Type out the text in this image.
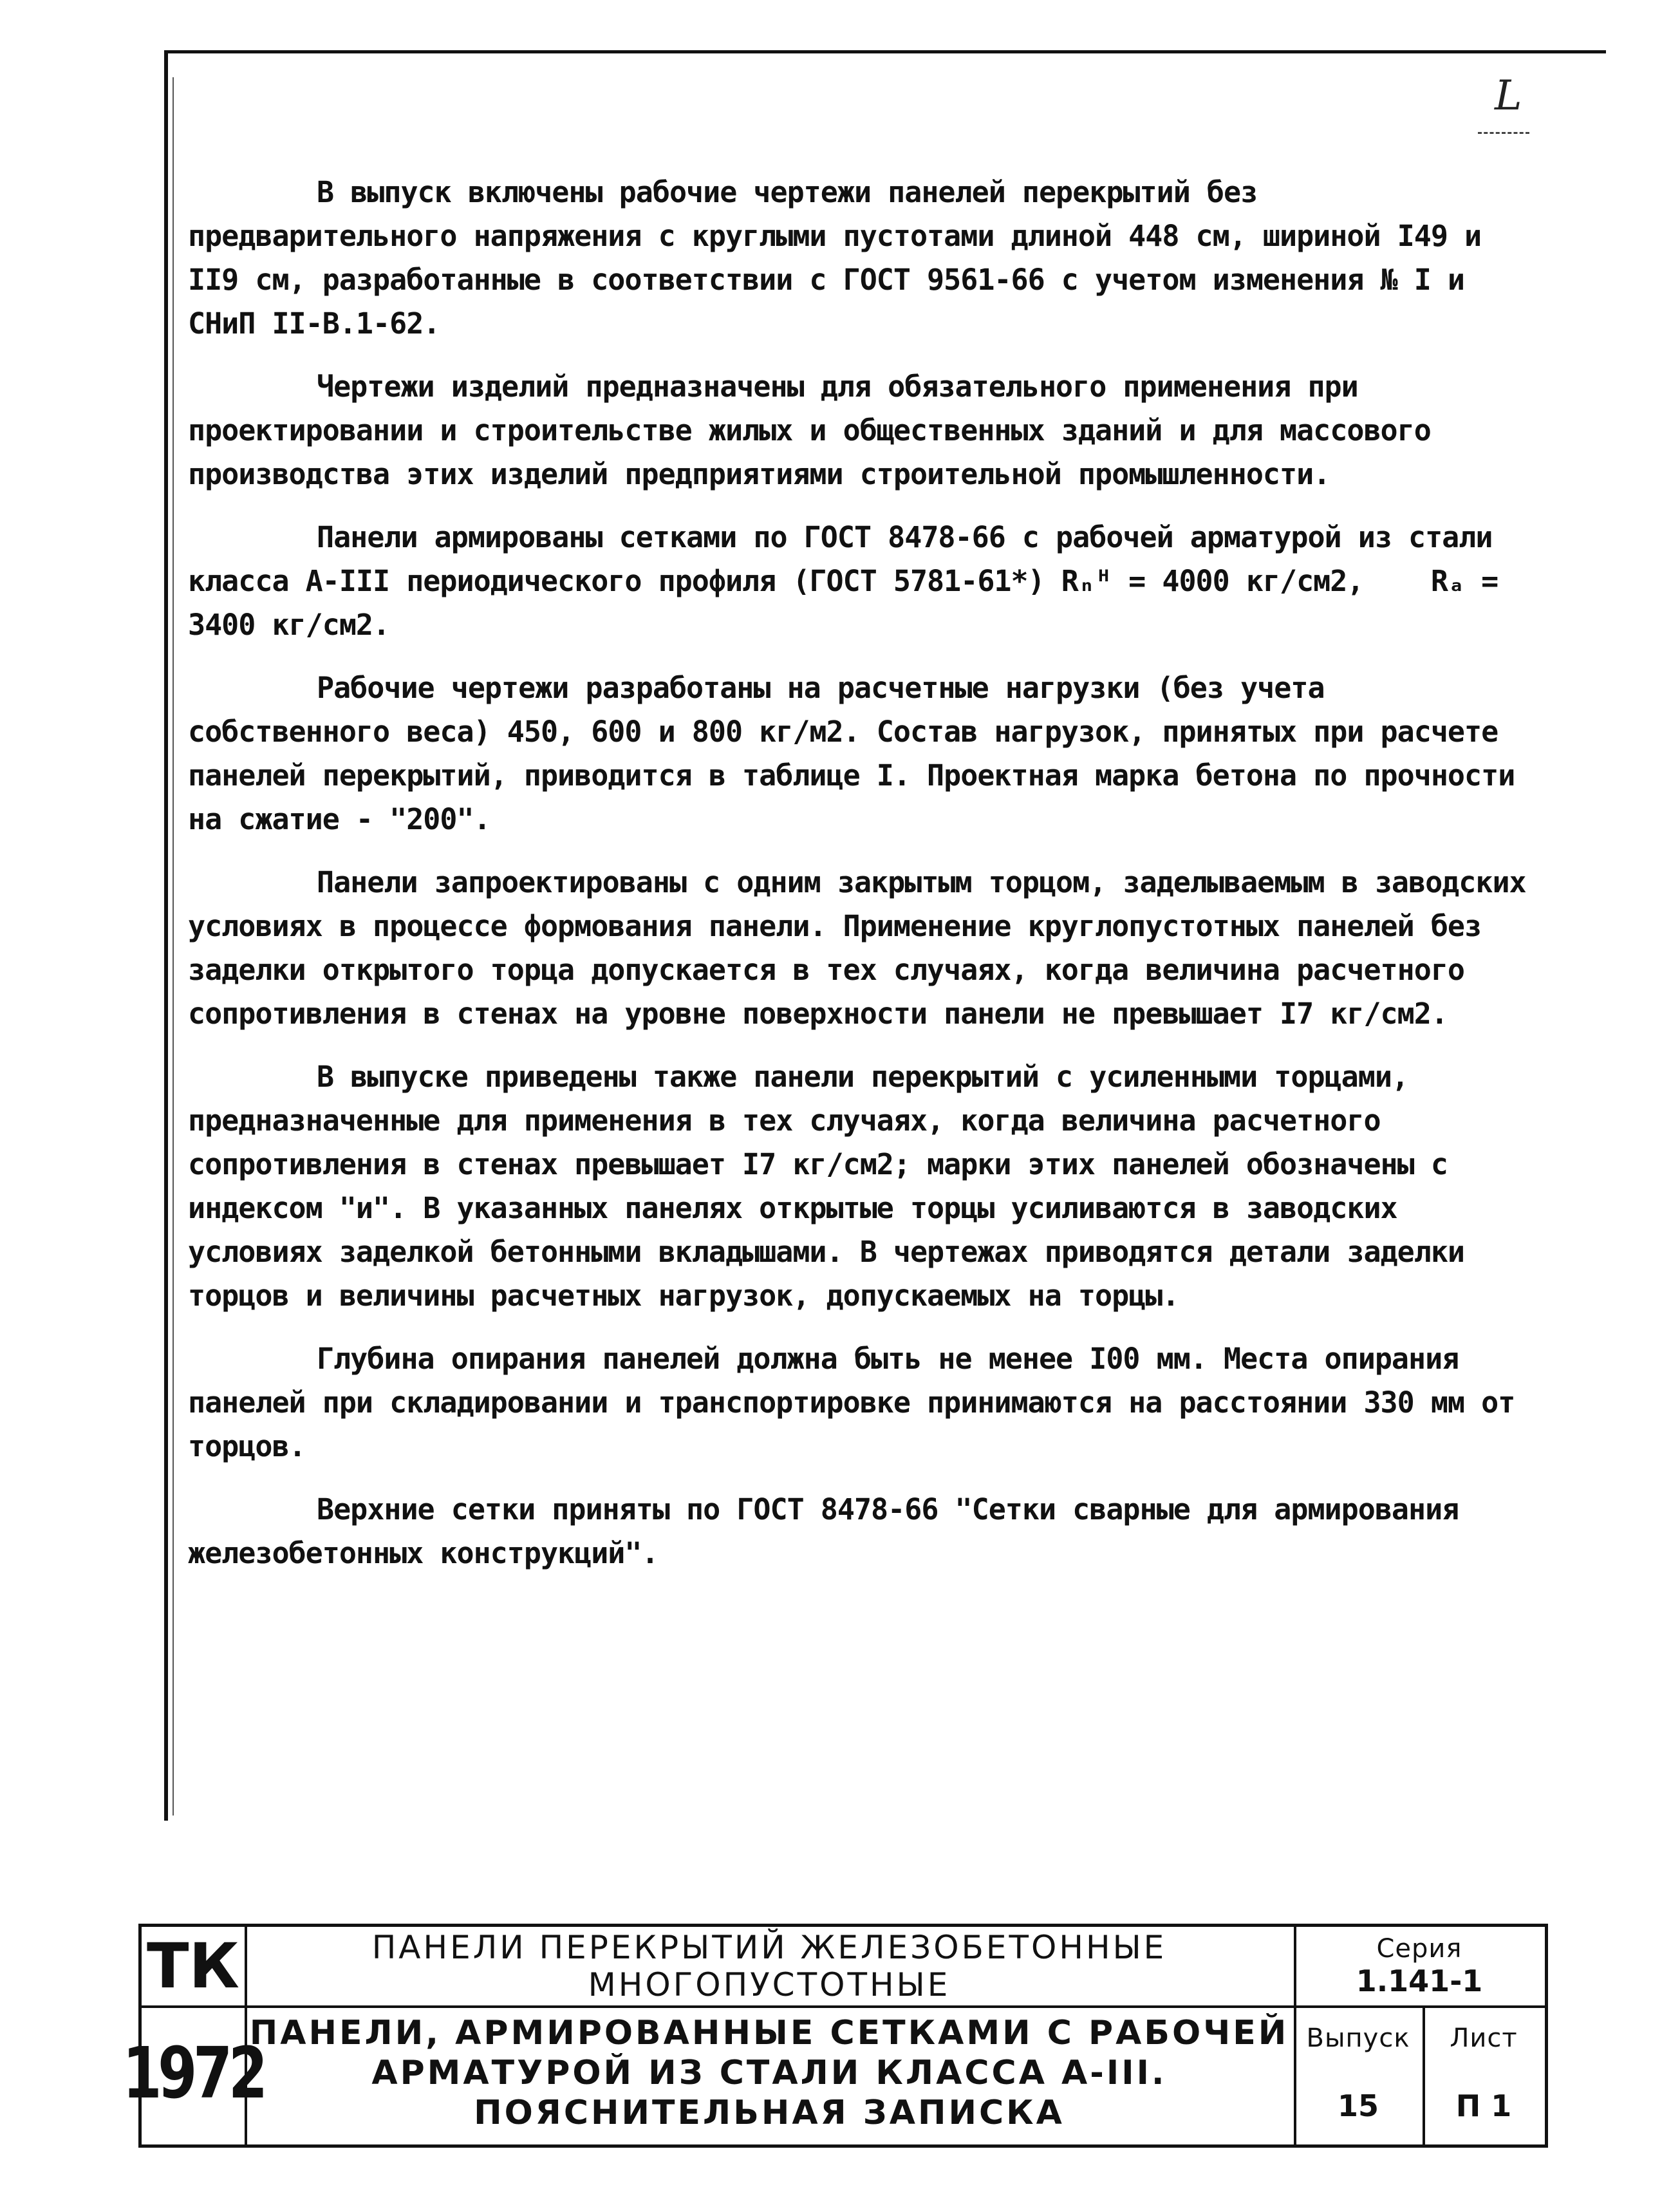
L

В выпуск включены рабочие чертежи панелей перекрытий без предварительного напряжения с круглыми пустотами длиной 448 см, шириной I49 и II9 см, разработанные в соответствии с ГОСТ 9561-66 с учетом изменения № I и СНиП II-В.1-62.

Чертежи изделий предназначены для обязательного применения при проектировании и строительстве жилых и общественных зданий и для массового производства этих изделий предприятиями строительной промышленности.

Панели армированы сетками по ГОСТ 8478-66 с рабочей арматурой из стали класса А-III периодического профиля (ГОСТ 5781-61*) Rₙᴴ = 4000 кг/см2,    Rₐ = 3400 кг/см2.

Рабочие чертежи разработаны на расчетные нагрузки (без учета собственного веса) 450, 600 и 800 кг/м2. Состав нагрузок, принятых при расчете панелей перекрытий, приводится в таблице I. Проектная марка бетона по прочности на сжатие - "200".

Панели запроектированы с одним закрытым торцом, заделываемым в заводских условиях в процессе формования панели. Применение круглопустотных панелей без заделки открытого торца допускается в тех случаях, когда величина расчетного сопротивления в стенах на уровне поверхности панели не превышает I7 кг/см2.

В выпуске приведены также панели перекрытий с усиленными торцами, предназначенные для применения в тех случаях, когда величина расчетного сопротивления в стенах превышает I7 кг/см2; марки этих панелей обозначены с индексом "и". В указанных панелях открытые торцы усиливаются в заводских условиях заделкой бетонными вкладышами. В чертежах приводятся детали заделки торцов и величины расчетных нагрузок, допускаемых на торцы.

Глубина опирания панелей должна быть не менее I00 мм. Места опирания панелей при складировании и транспортировке принимаются на расстоянии 330 мм от торцов.

Верхние сетки приняты по ГОСТ 8478-66 "Сетки сварные для армирования железобетонных конструкций".

ТК
1972
ПАНЕЛИ ПЕРЕКРЫТИЙ ЖЕЛЕЗОБЕТОННЫЕ
МНОГОПУСТОТНЫЕ
ПАНЕЛИ, АРМИРОВАННЫЕ СЕТКАМИ С РАБОЧЕЙ
АРМАТУРОЙ ИЗ СТАЛИ КЛАССА А-III.
ПОЯСНИТЕЛЬНАЯ ЗАПИСКА
Серия
1.141-1
Выпуск
15
Лист
П 1
